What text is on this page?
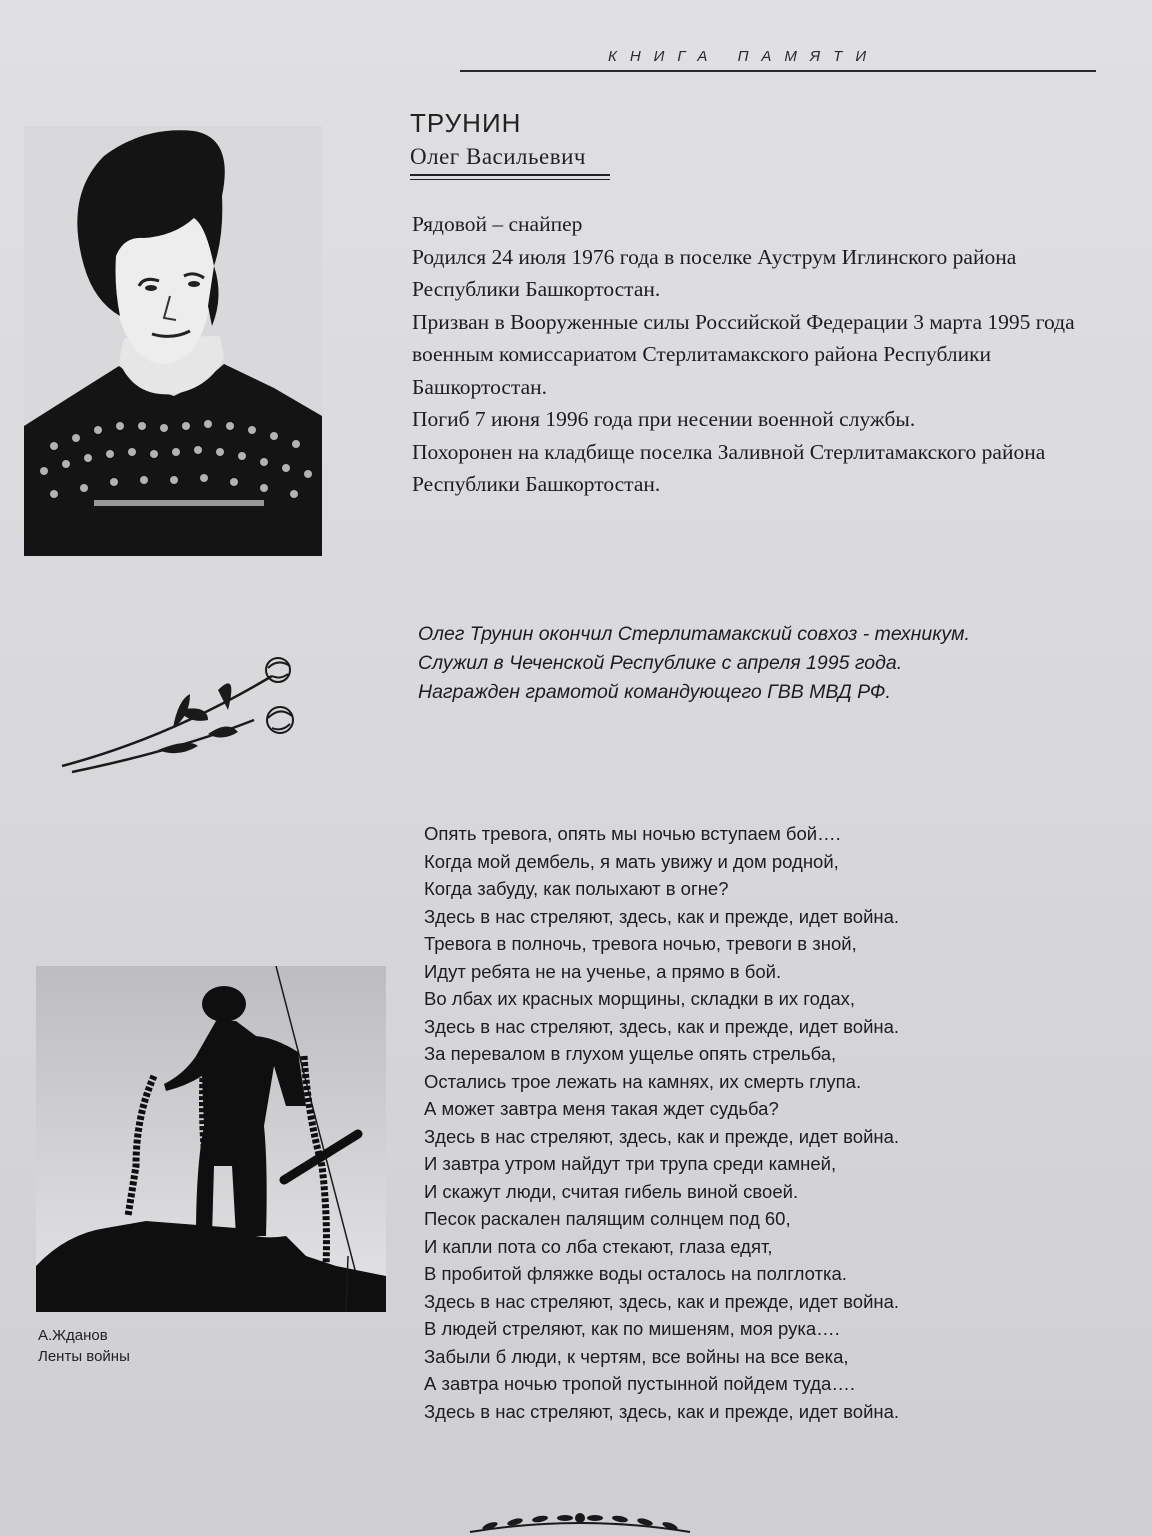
КНИГА ПАМЯТИ
ТРУНИН
Олег Васильевич

Рядовой – снайпер

Родился 24 июля 1976 года в поселке Ауструм Иглинского района Республики Башкортостан.

Призван в Вооруженные силы Российской Федерации 3 марта 1995 года военным комиссариатом Стерлитамакского района Республики Башкортостан.

Погиб 7 июня 1996 года при несении военной службы.

Похоронен на кладбище поселка Заливной Стерлитамакского района Республики Башкортостан.

Олег Трунин окончил Стерлитамакский совхоз - техникум.

Служил в Чеченской Республике с апреля 1995 года.

Награжден грамотой командующего ГВВ МВД РФ.

Опять тревога, опять мы ночью вступаем бой….

Когда мой дембель, я мать увижу и дом родной,

Когда забуду, как полыхают в огне?

Здесь в нас стреляют, здесь, как и прежде, идет война.

Тревога в полночь, тревога ночью, тревоги в зной,

Идут ребята не на ученье, а прямо в бой.

Во лбах их красных морщины, складки в их годах,

Здесь в нас стреляют, здесь, как и прежде, идет война.

За перевалом в глухом ущелье опять стрельба,

Остались трое лежать на камнях, их смерть глупа.

А может завтра меня такая ждет судьба?

Здесь в нас стреляют, здесь, как и прежде, идет война.

И завтра утром найдут три трупа среди камней,

И скажут люди, считая гибель виной своей.

Песок раскален палящим солнцем под 60,

И капли пота со лба стекают, глаза едят,

В пробитой фляжке воды осталось на полглотка.

Здесь в нас стреляют, здесь, как и прежде, идет война.

В людей стреляют, как по мишеням, моя рука….

Забыли б люди, к чертям, все войны на все века,

А завтра ночью тропой пустынной пойдем туда….

Здесь в нас стреляют, здесь, как и прежде, идет война.

А.Жданов

Ленты войны
